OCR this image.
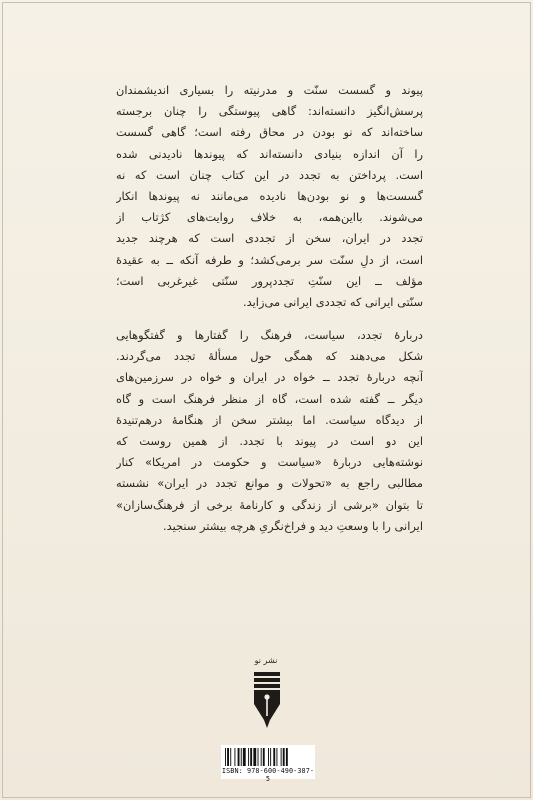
پیوند و گسست سنّت و مدرنیته را بسیاری اندیشمندان
پرسش‌انگیز دانسته‌اند: گاهی پیوستگی را چنان برجسته
ساخته‌اند که نو بودن در محاق رفته است؛ گاهی گسست
را آن اندازه بنیادی دانسته‌اند که پیوندها نادیدنی شده
است. پرداختن به تجدد در این کتاب چنان است که نه
گسست‌ها و نو بودن‌ها نادیده می‌مانند نه پیوندها انکار
می‌شوند. بااین‌همه، به خلاف روایت‌های کژتاب از
تجدد در ایران، سخن از تجددی است که هرچند جدید
است، از دلِ سنّت سر برمی‌کشد؛ و طرفه آنکه ــ به عقیدهٔ
مؤلف ــ این سنّتِ تجددپرور سنّتی غیرغربی است؛
سنّتی ایرانی که تجددی ایرانی می‌زاید.
دربارهٔ تجدد، سیاست، فرهنگ را گفتارها و گفتگوهایی
شکل می‌دهند که همگی حول مسألهٔ تجدد می‌گردند.
آنچه دربارهٔ تجدد ــ خواه در ایران و خواه در سرزمین‌های
دیگر ــ گفته شده است، گاه از منظر فرهنگ است و گاه
از دیدگاه سیاست. اما بیشتر سخن از هنگامهٔ درهم‌تنیدهٔ
این دو است در پیوند با تجدد. از همین روست که
نوشته‌هایی دربارهٔ «سیاست و حکومت در امریکا» کنار
مطالبی راجع به «تحولات و موانع تجدد در ایران» نشسته
تا بتوان «برشی از زندگی و کارنامهٔ برخی از فرهنگ‌سازان»
ایرانی را با وسعتِ دید و فراخ‌نگریِ هرچه بیشتر سنجید.
نشر نو
ISBN: 978-600-490-387-5
